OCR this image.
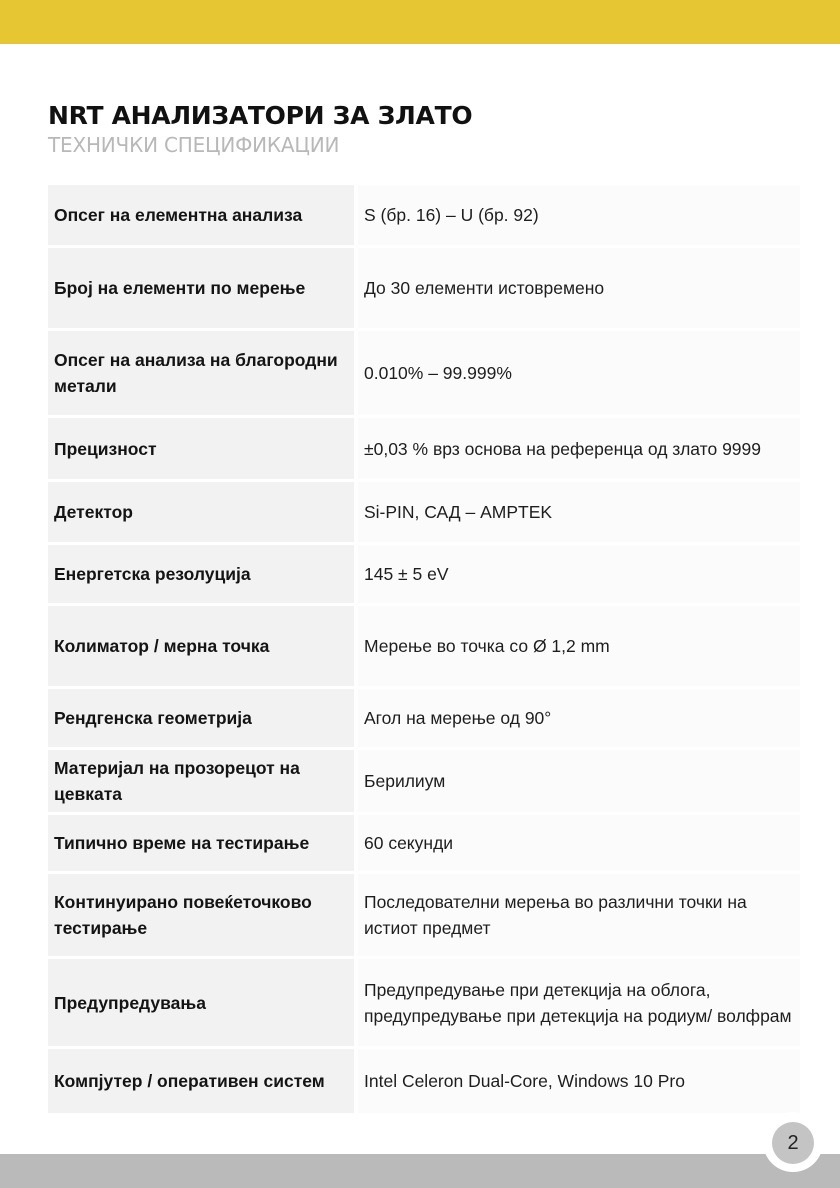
NRT АНАЛИЗАТОРИ ЗА ЗЛАТО

ТЕХНИЧКИ СПЕЦИФИКАЦИИ

Опсег на елементна анализа		S (бр. 16) – U (бр. 92)
Број на елементи по мерење		До 30 елементи истовремено
Опсег на анализа на благородни метали		0.010% – 99.999%
Прецизност		±0,03 % врз основа на референца од злато 9999
Детектор		Si-PIN, САД – AMPTEK
Енергетска резолуција		145 ± 5 eV
Колиматор / мерна точка		Мерење во точка со Ø 1,2 mm
Рендгенска геометрија		Агол на мерење од 90°
Материјал на прозорецот на цевката		Берилиум
Типично време на тестирање		60 секунди
Континуирано повеќеточково тестирање		Последователни мерења во различни точки на истиот предмет
Предупредувања		Предупредување при детекција на облога, предупредување при детекција на родиум/ волфрам
Компјутер / оперативен систем		Intel Celeron Dual-Core, Windows 10 Pro
2
